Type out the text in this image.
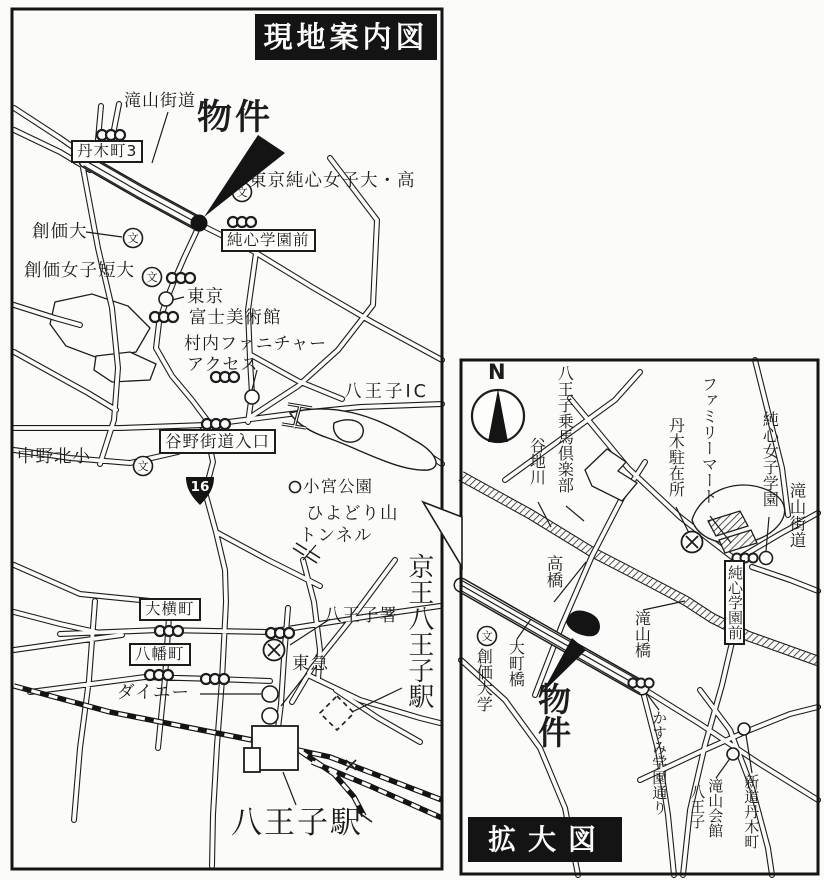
現地案内図
滝山街道
丹木町3
物件
東京純心女子大・高
純心学園前
創価大
創価女子短大
東京
富士美術館
村内ファニチャー
アクセス
八王子IC
谷野街道入口
中野北小
16	小宮公園
ひよどり山
トンネル
京王八王子駅
大横町
八幡町
八王子署
東急
ダイエー
八王子駅
文
文
文
文
拡大図
N	八王子乗馬倶楽部
谷地川	ファミリーマート
丹木駐在所	純心女子学園
滝山街道
高橋	純心学園前
滝山橋
大町橋
創価大学
物件	かすみ学園通り 八王子 滝山会館 新道丹木町
文
